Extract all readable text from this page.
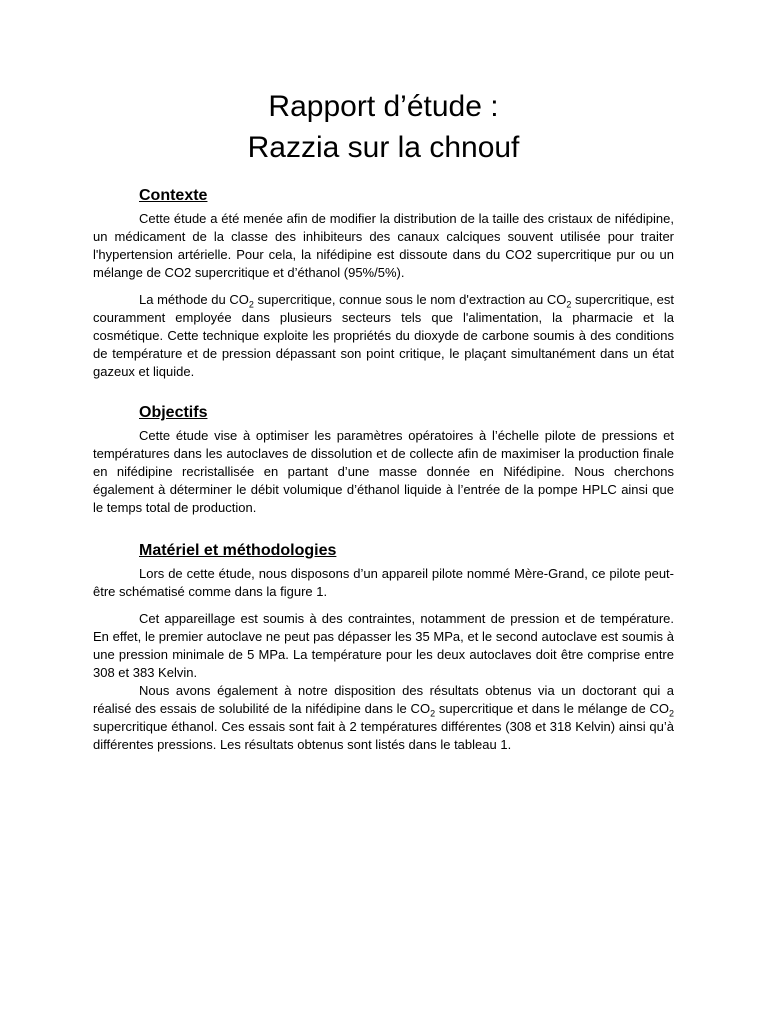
Rapport d’étude :
Razzia sur la chnouf
Contexte

Cette étude a été menée afin de modifier la distribution de la taille des cristaux de nifédipine, un médicament de la classe des inhibiteurs des canaux calciques souvent utilisée pour traiter l'hypertension artérielle. Pour cela, la nifédipine est dissoute dans du CO2 supercritique pur ou un mélange de CO2 supercritique et d’éthanol (95%/5%).

La méthode du $CO_2$ supercritique, connue sous le nom d'extraction au $CO_2$ supercritique, est couramment employée dans plusieurs secteurs tels que l'alimentation, la pharmacie et la cosmétique. Cette technique exploite les propriétés du dioxyde de carbone soumis à des conditions de température et de pression dépassant son point critique, le plaçant simultanément dans un état gazeux et liquide.

Objectifs

Cette étude vise à optimiser les paramètres opératoires à l’échelle pilote de pressions et températures dans les autoclaves de dissolution et de collecte afin de maximiser la production finale en nifédipine recristallisée en partant d’une masse donnée en Nifédipine. Nous cherchons également à déterminer le débit volumique d’éthanol liquide à l’entrée de la pompe HPLC ainsi que le temps total de production.

Matériel et méthodologies

Lors de cette étude, nous disposons d’un appareil pilote nommé Mère-Grand, ce pilote peut-être schématisé comme dans la figure 1.

Cet appareillage est soumis à des contraintes, notamment de pression et de température. En effet, le premier autoclave ne peut pas dépasser les 35 MPa, et le second autoclave est soumis à une pression minimale de 5 MPa. La température pour les deux autoclaves doit être comprise entre 308 et 383 Kelvin.

Nous avons également à notre disposition des résultats obtenus via un doctorant qui a réalisé des essais de solubilité de la nifédipine dans le $CO_2$ supercritique et dans le mélange de $CO_2$ supercritique éthanol. Ces essais sont fait à 2 températures différentes (308 et 318 Kelvin) ainsi qu’à différentes pressions. Les résultats obtenus sont listés dans le tableau 1.
